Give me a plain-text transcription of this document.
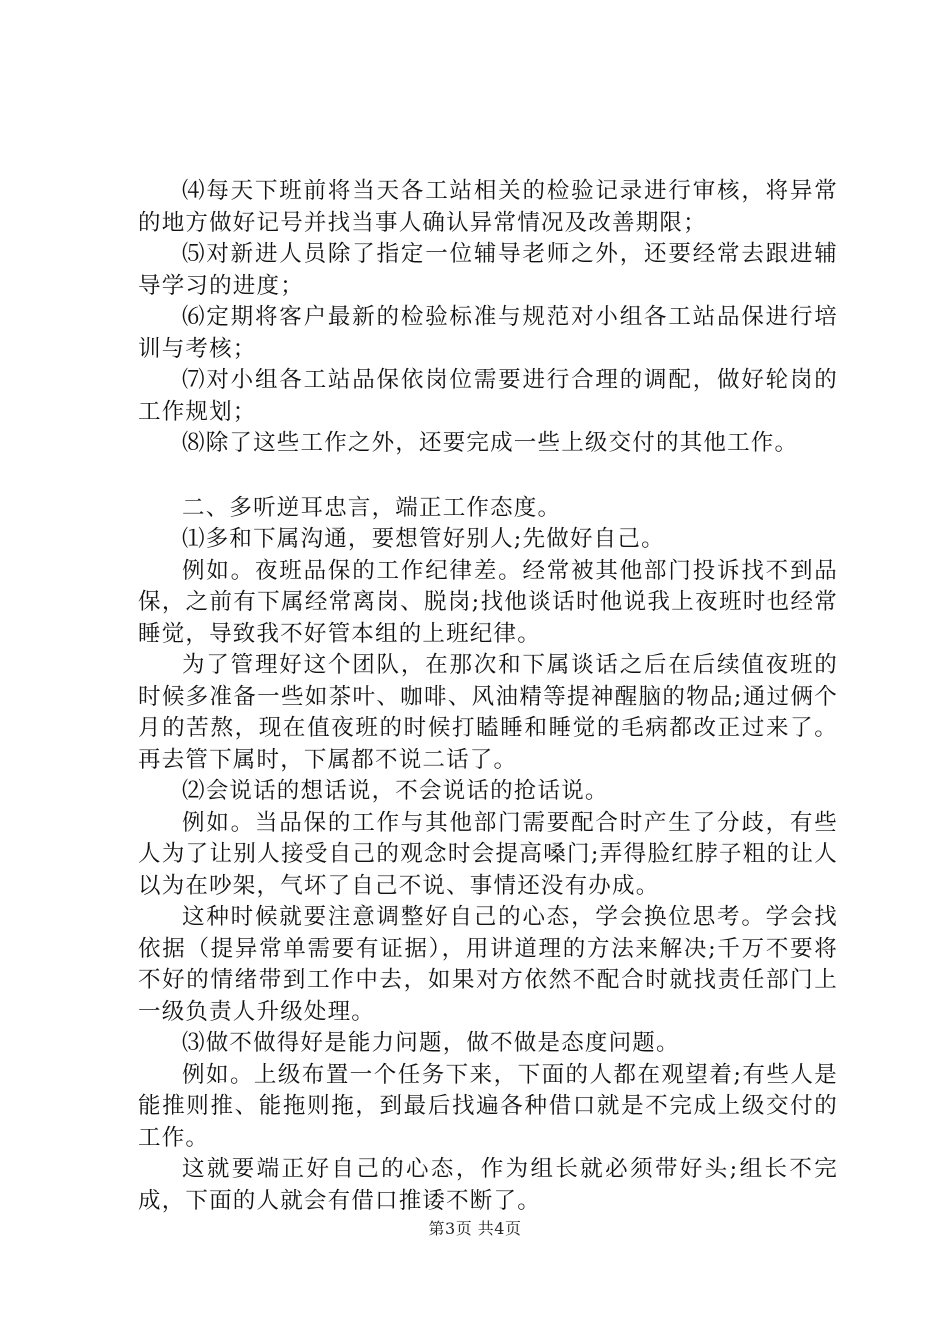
⑷每天下班前将当天各工站相关的检验记录进行审核，将异常的地方做好记号并找当事人确认异常情况及改善期限；

⑸对新进人员除了指定一位辅导老师之外，还要经常去跟进辅导学习的进度；

⑹定期将客户最新的检验标准与规范对小组各工站品保进行培训与考核；

⑺对小组各工站品保依岗位需要进行合理的调配，做好轮岗的工作规划；

⑻除了这些工作之外，还要完成一些上级交付的其他工作。

二、多听逆耳忠言，端正工作态度。

⑴多和下属沟通，要想管好别人;先做好自己。

例如。夜班品保的工作纪律差。经常被其他部门投诉找不到品保，之前有下属经常离岗、脱岗;找他谈话时他说我上夜班时也经常睡觉，导致我不好管本组的上班纪律。

为了管理好这个团队，在那次和下属谈话之后在后续值夜班的时候多准备一些如茶叶、咖啡、风油精等提神醒脑的物品;通过俩个月的苦熬，现在值夜班的时候打瞌睡和睡觉的毛病都改正过来了。再去管下属时，下属都不说二话了。

⑵会说话的想话说，不会说话的抢话说。

例如。当品保的工作与其他部门需要配合时产生了分歧，有些人为了让别人接受自己的观念时会提高嗓门;弄得脸红脖子粗的让人以为在吵架，气坏了自己不说、事情还没有办成。

这种时候就要注意调整好自己的心态，学会换位思考。学会找依据（提异常单需要有证据），用讲道理的方法来解决;千万不要将不好的情绪带到工作中去，如果对方依然不配合时就找责任部门上一级负责人升级处理。

⑶做不做得好是能力问题，做不做是态度问题。

例如。上级布置一个任务下来，下面的人都在观望着;有些人是能推则推、能拖则拖，到最后找遍各种借口就是不完成上级交付的工作。

这就要端正好自己的心态，作为组长就必须带好头;组长不完成，下面的人就会有借口推诿不断了。

第3页 共4页
